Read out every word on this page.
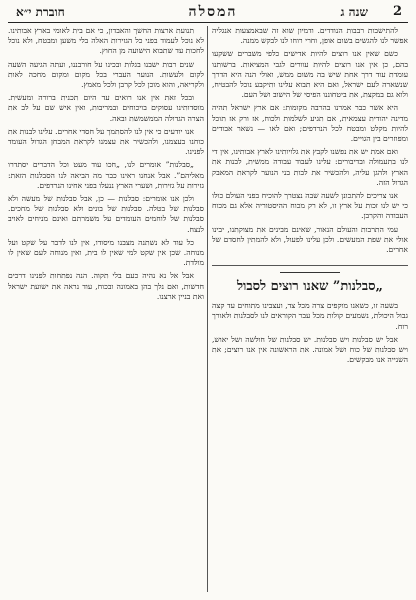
2
שנה ג
המסלה
חוברת י״א

להתישבות רבבות הנודדים. ודמיון שוא זה שבאמצעות אנגליה אפשר לנו להגשים בשום אופן, וחרי רוחו לנו לבקש ממנה.

כשם שאין אנו רוצים להיות אדישים כלפי משברים ששקעו בהם, כן אין אנו רוצים להיות עוורים לגבי המציאות. ברשותנו עומדת עוד דרך אחת שיש בה משום ממש, ואולי הנה היא הדרך שנשארה לעם ישראל, ואם היא תבוא עלינו ותיקבע נוכל להבטיח, ולוא גם במקצת, את ביטחוננו הפיסי של הישוב ושל העם.

היא אשר כבר אמרנו בהרבה מקומות: אם ארץ ישראל תהיה מדינה יהודית עצמאית, אם תגיע לשלמות ולכוח, אז ורק אז תוכל להיות מקלט ומבטח לכל הנרדפים; ואם לאו — נשאר אבודים ומפוזרים בין הגויים.

ואם אמת יש את נפשנו לקבץ את גלויותינו לארץ אבותינו, אין די לנו בתעמולה ובדיבורים: עלינו לעבוד עבודה ממשית, לבנות את הארץ ולהגן עליה, ולהכשיר את לבות בני הנוער לקראת המאבק הגדול הזה.

אנו צריכים להתכונן לשעה שבה נצטרך להוכיח בפני העולם כולו כי יש לנו זכות על ארץ זו, לא רק מכוח ההיסטוריה אלא גם מכוח העבודה והקרבן.

עמי התרבות והעולם הנאור, שאינם מבינים את מצוקתנו, יבינו אולי את שפת המעשים. ולכן עלינו לפעול, ולא להמתין לחסדם של אחרים.

„סבלנות” שאנו רוצים לסבול

בשעה זו, כשאנו מוקפים צרה מכל צד, ועצבינו מתוחים עד קצה גבול היכולת, נשמעים קולות מכל עבר הקוראים לנו לסבלנות ולאורך רוח.

אבל יש סבלנות ויש סבלנות. יש סבלנות של חולשה ושל יאוש, ויש סבלנות של כוח ושל אמונה. את הראשונה אין אנו רוצים; את השנייה אנו מבקשים.

תנועת ארצות החשך והאבדון, כי אם בית לאומי בארץ אבותינו. לא נוכל לעמוד בפני כל הגזירות האלה בלי משען ומבטח, ולא נוכל לחכות עד שתבוא הישועה מן החוץ.

שנים רבות ישבנו בגלות ובכינו על חורבננו, ועתה הגיעה השעה לקום ולעשות. הנוער העברי בכל מקום ומקום מחכה לאות ולקריאה, והוא מוכן לכל קרבן ולכל מאמץ.

ובכל זאת אין אנו רואים עד היום תכנית ברורה ומעשית. מוסדותינו עסוקים בויכוחים ובמריבות, ואין איש שם על לב את הצרה הגדולה הממשמשת ובאה.

אנו יודעים כי אין לנו להסתמך על חסדי אחרים. עלינו לבנות את כוחנו בעצמנו, ולהכשיר את עצמנו לקראת המבחן הגדול העומד לפנינו.

„סבלנות” אומרים לנו, „חכו עוד מעט וכל הדברים יסתדרו מאליהם”. אבל אנחנו ראינו כבר מה הביאה לנו הסבלנות הזאת: גזירות על גזירות, ושערי הארץ ננעלו בפני אחינו הנרדפים.

ולכן אנו אומרים: סבלנות — כן, אבל סבלנות של מעשה ולא סבלנות של בטלה. סבלנות של בונים ולא סבלנות של מחכים. סבלנות של לוחמים העומדים על משמרתם ואינם מניחים לאויב לנצח.

כל עוד לא נשתנה מצבנו מיסודו, אין לנו לדבר על שקט ועל מנוחה. שכן אין שקט למי שאין לו בית, ואין מנוחה לעם שאין לו מולדת.

אבל אל נא נהיה כעם בלי תקוה. הנה נפתחות לפנינו דרכים חדשות, ואם נלך בהן באמונה ובכוח, עוד נראה את ישועת ישראל ואת בניין ארצנו.
